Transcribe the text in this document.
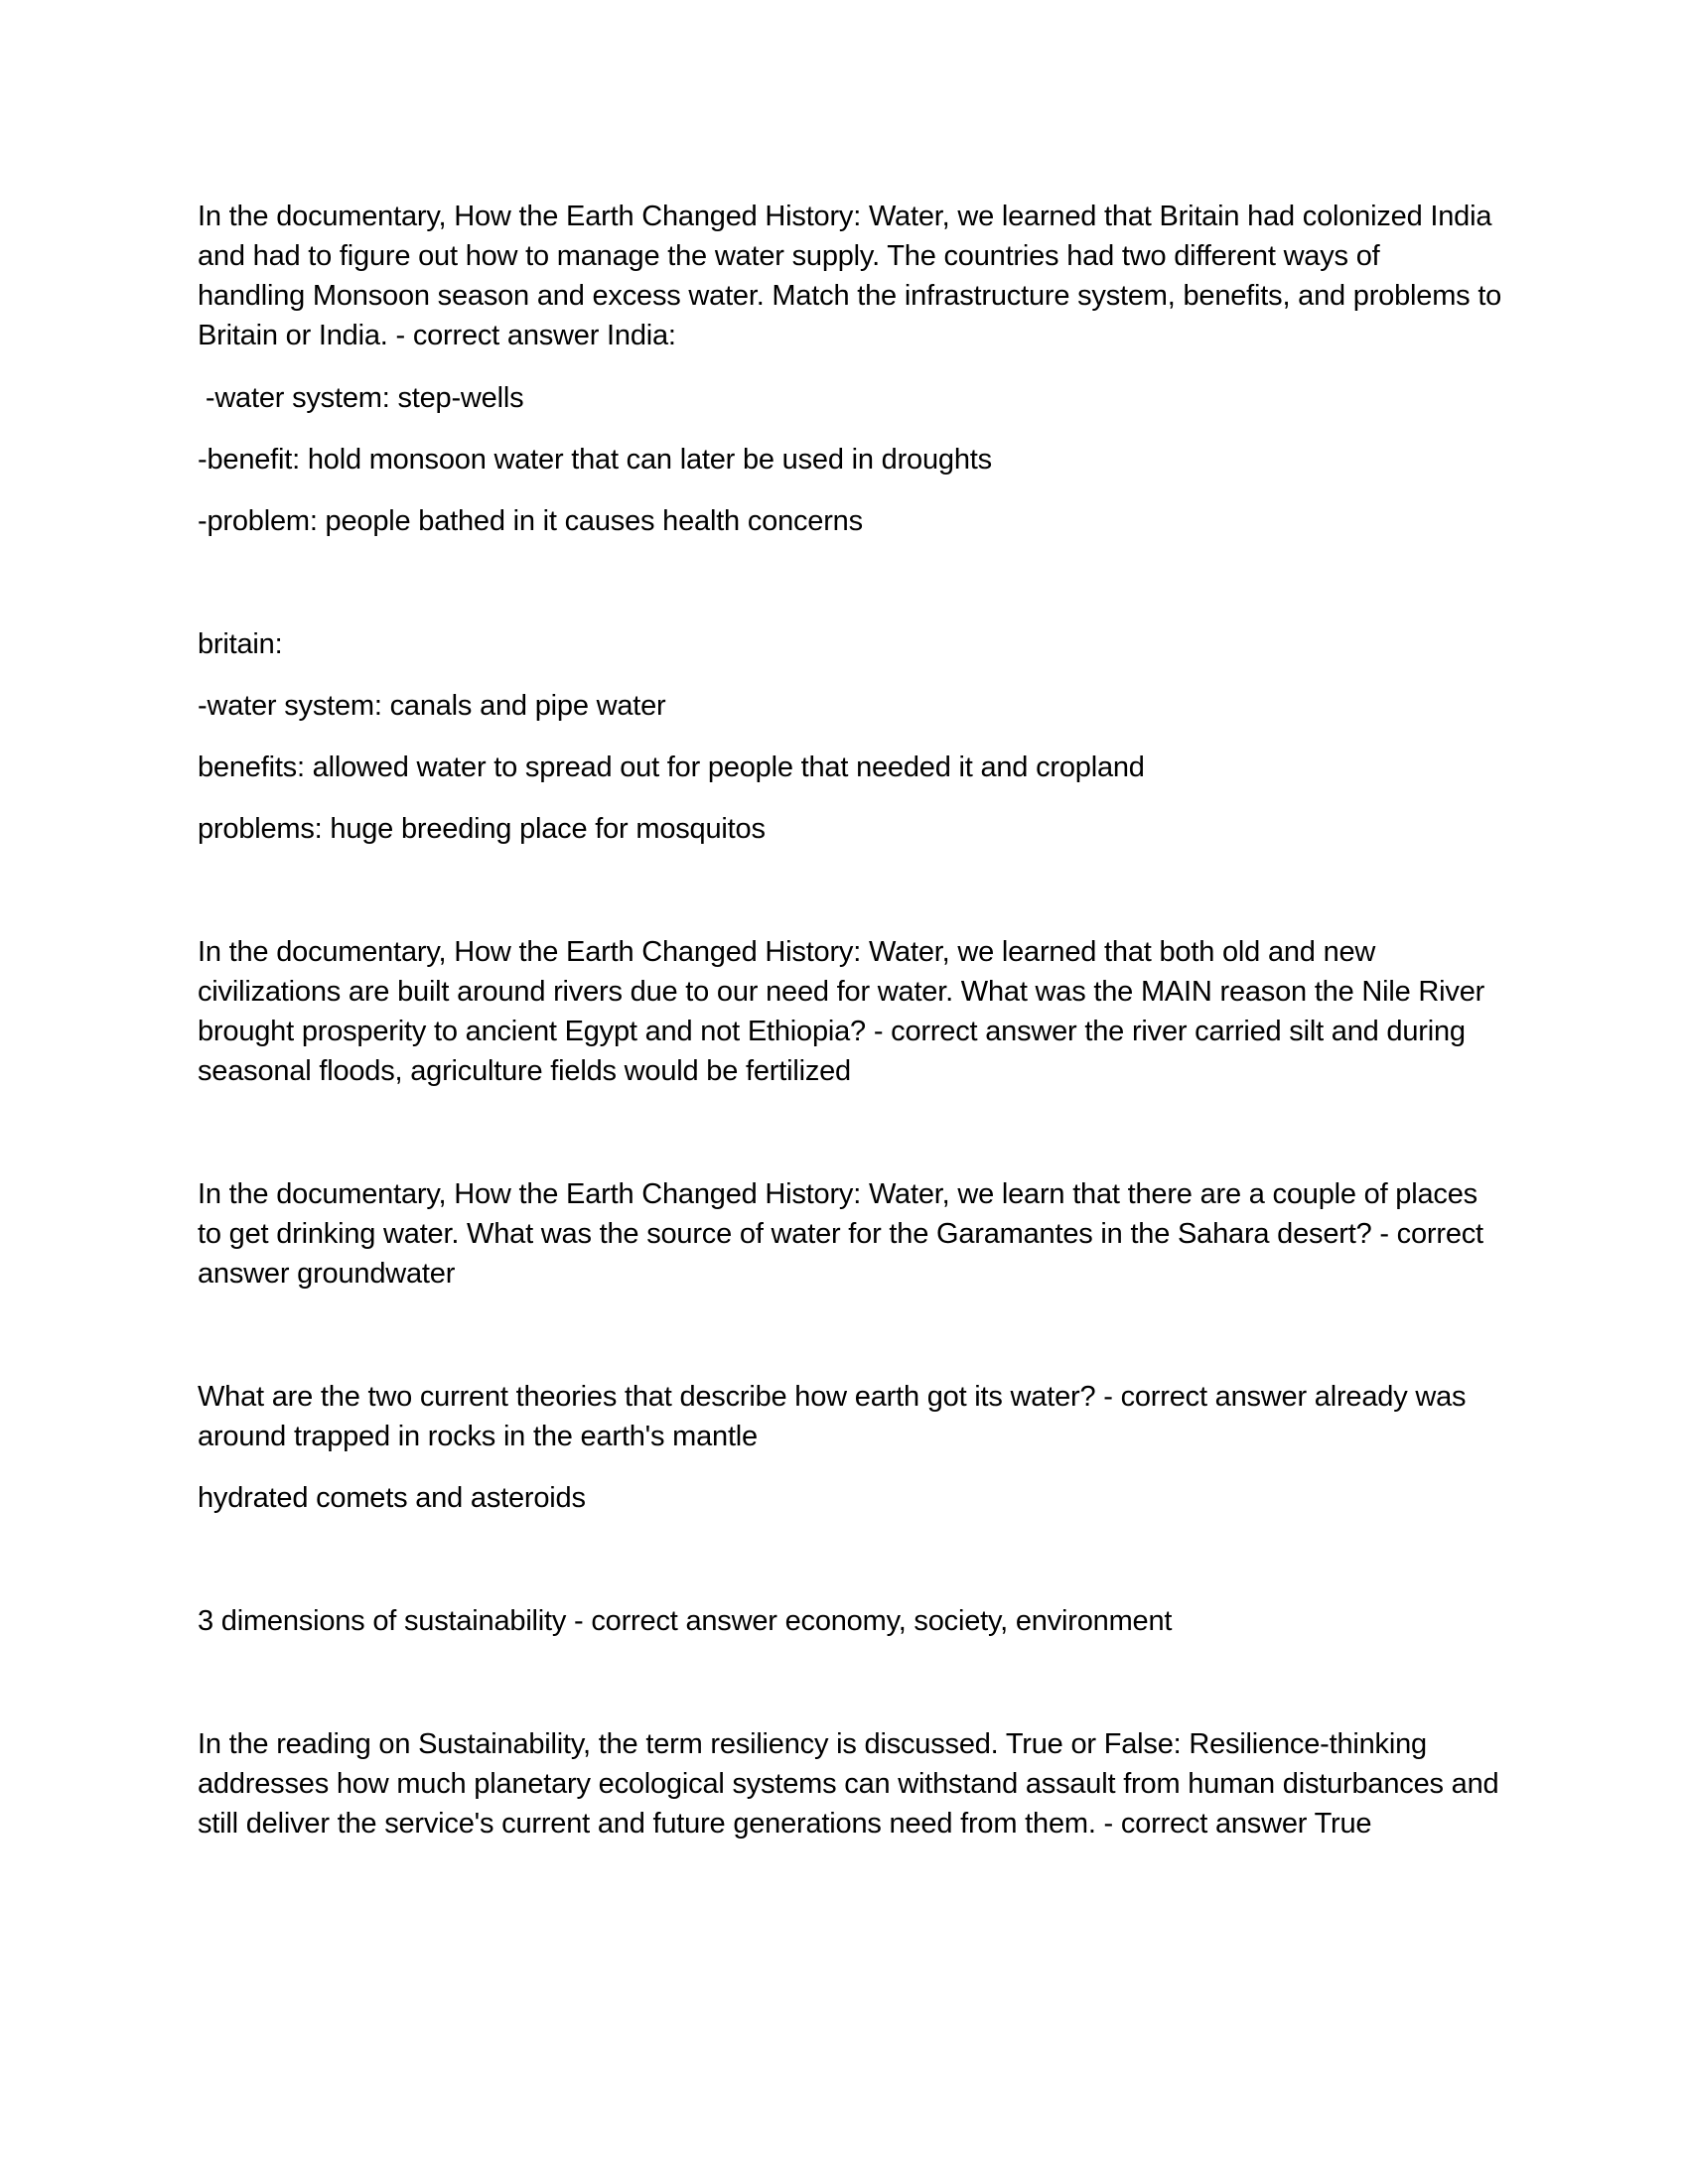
In the documentary, How the Earth Changed History: Water, we learned that Britain had colonized India
and had to figure out how to manage the water supply. The countries had two different ways of
handling Monsoon season and excess water. Match the infrastructure system, benefits, and problems to
Britain or India. - correct answer India:
-water system: step-wells
-benefit: hold monsoon water that can later be used in droughts
-problem: people bathed in it causes health concerns
britain:
-water system: canals and pipe water
benefits: allowed water to spread out for people that needed it and cropland
problems: huge breeding place for mosquitos
In the documentary, How the Earth Changed History: Water, we learned that both old and new
civilizations are built around rivers due to our need for water. What was the MAIN reason the Nile River
brought prosperity to ancient Egypt and not Ethiopia? - correct answer the river carried silt and during
seasonal floods, agriculture fields would be fertilized
In the documentary, How the Earth Changed History: Water, we learn that there are a couple of places
to get drinking water. What was the source of water for the Garamantes in the Sahara desert? - correct
answer groundwater
What are the two current theories that describe how earth got its water? - correct answer already was
around trapped in rocks in the earth's mantle
hydrated comets and asteroids
3 dimensions of sustainability - correct answer economy, society, environment
In the reading on Sustainability, the term resiliency is discussed. True or False: Resilience-thinking
addresses how much planetary ecological systems can withstand assault from human disturbances and
still deliver the service's current and future generations need from them. - correct answer True
